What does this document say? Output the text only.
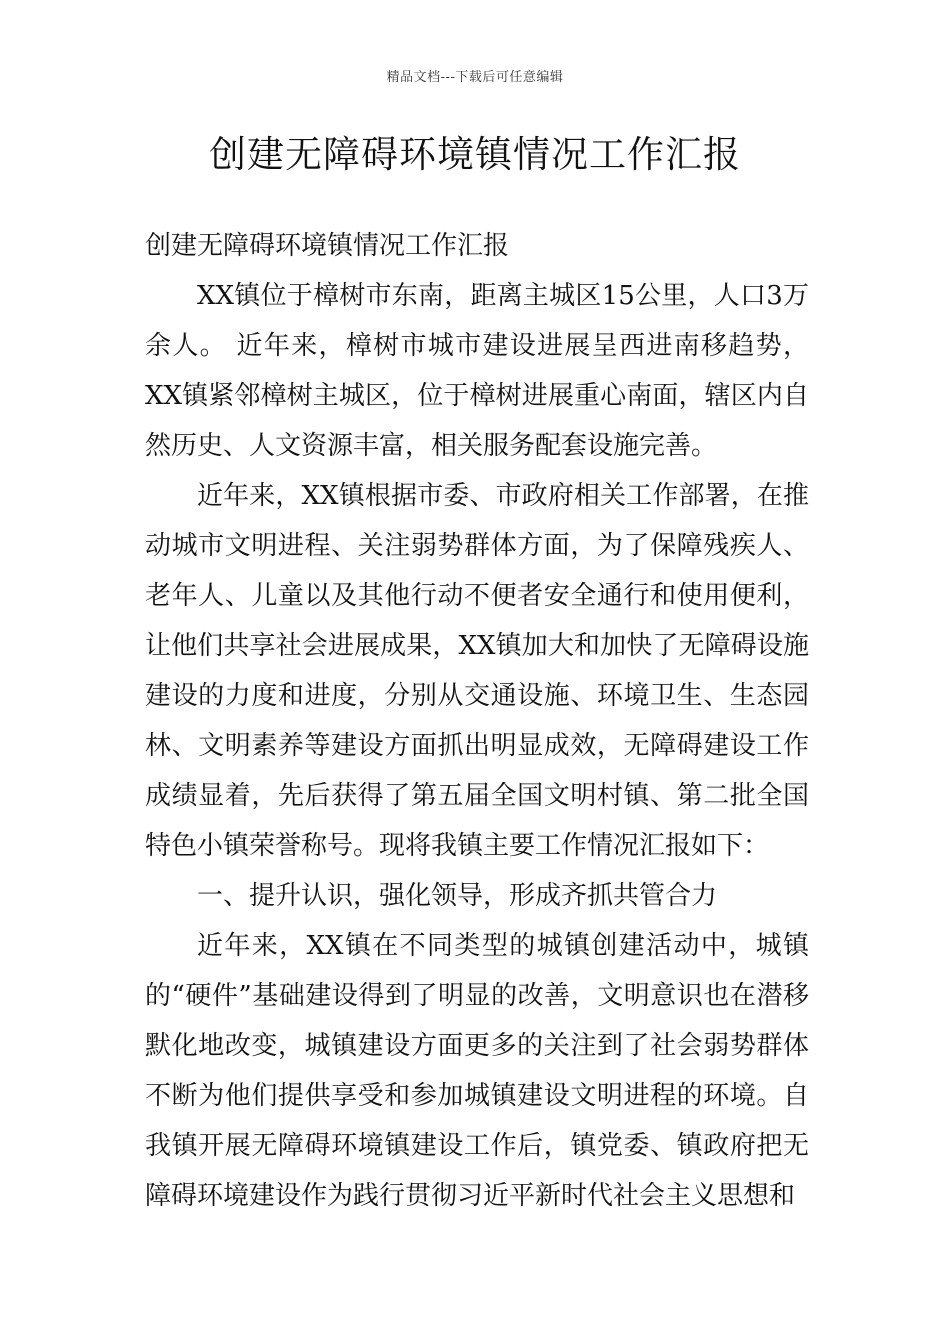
精品文档---下载后可任意编辑
创建无障碍环境镇情况工作汇报

创建无障碍环境镇情况工作汇报

XX镇位于樟树市东南，距离主城区15公里，人口3万余人。 近年来，樟树市城市建设进展呈西进南移趋势，XX镇紧邻樟树主城区，位于樟树进展重心南面，辖区内自然历史、人文资源丰富，相关服务配套设施完善。

近年来，XX镇根据市委、市政府相关工作部署，在推动城市文明进程、关注弱势群体方面，为了保障残疾人、老年人、儿童以及其他行动不便者安全通行和使用便利，让他们共享社会进展成果，XX镇加大和加快了无障碍设施建设的力度和进度，分别从交通设施、环境卫生、生态园林、文明素养等建设方面抓出明显成效，无障碍建设工作成绩显着，先后获得了第五届全国文明村镇、第二批全国特色小镇荣誉称号。现将我镇主要工作情况汇报如下：

一、提升认识，强化领导，形成齐抓共管合力

近年来，XX镇在不同类型的城镇创建活动中，城镇的“硬件”基础建设得到了明显的改善，文明意识也在潜移默化地改变，城镇建设方面更多的关注到了社会弱势群体不断为他们提供享受和参加城镇建设文明进程的环境。自我镇开展无障碍环境镇建设工作后，镇党委、镇政府把无障碍环境建设作为践行贯彻习近平新时代社会主义思想和
